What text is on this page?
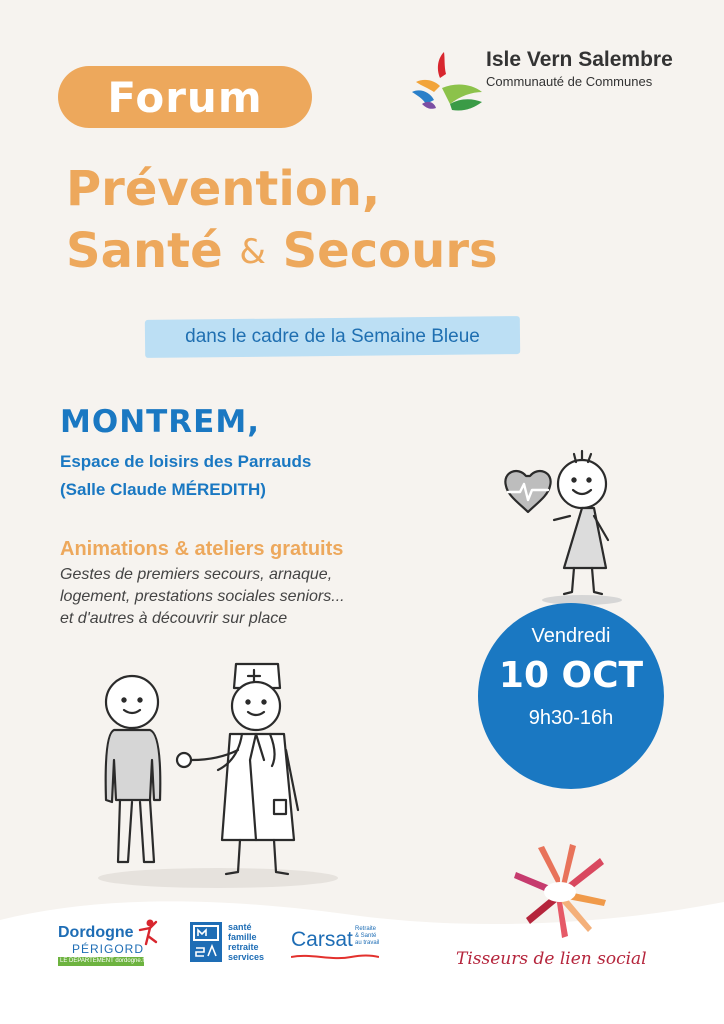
Forum
Isle Vern Salembre
Communauté de Communes
Prévention,
Santé & Secours
dans le cadre de la Semaine Bleue
MONTREM,
Espace de loisirs des Parrauds
(Salle Claude MÉREDITH)
Animations & ateliers gratuits
Gestes de premiers secours, arnaque,
logement, prestations sociales seniors...
et d'autres à découvrir sur place
Vendredi
10 OCT
9h30-16h
Dordogne
PÉRIGORD
LE DÉPARTEMENT dordogne.fr
santé
famille
retraite
services
Carsat Retraite
& Santé
au travail
Tisseurs de lien social
